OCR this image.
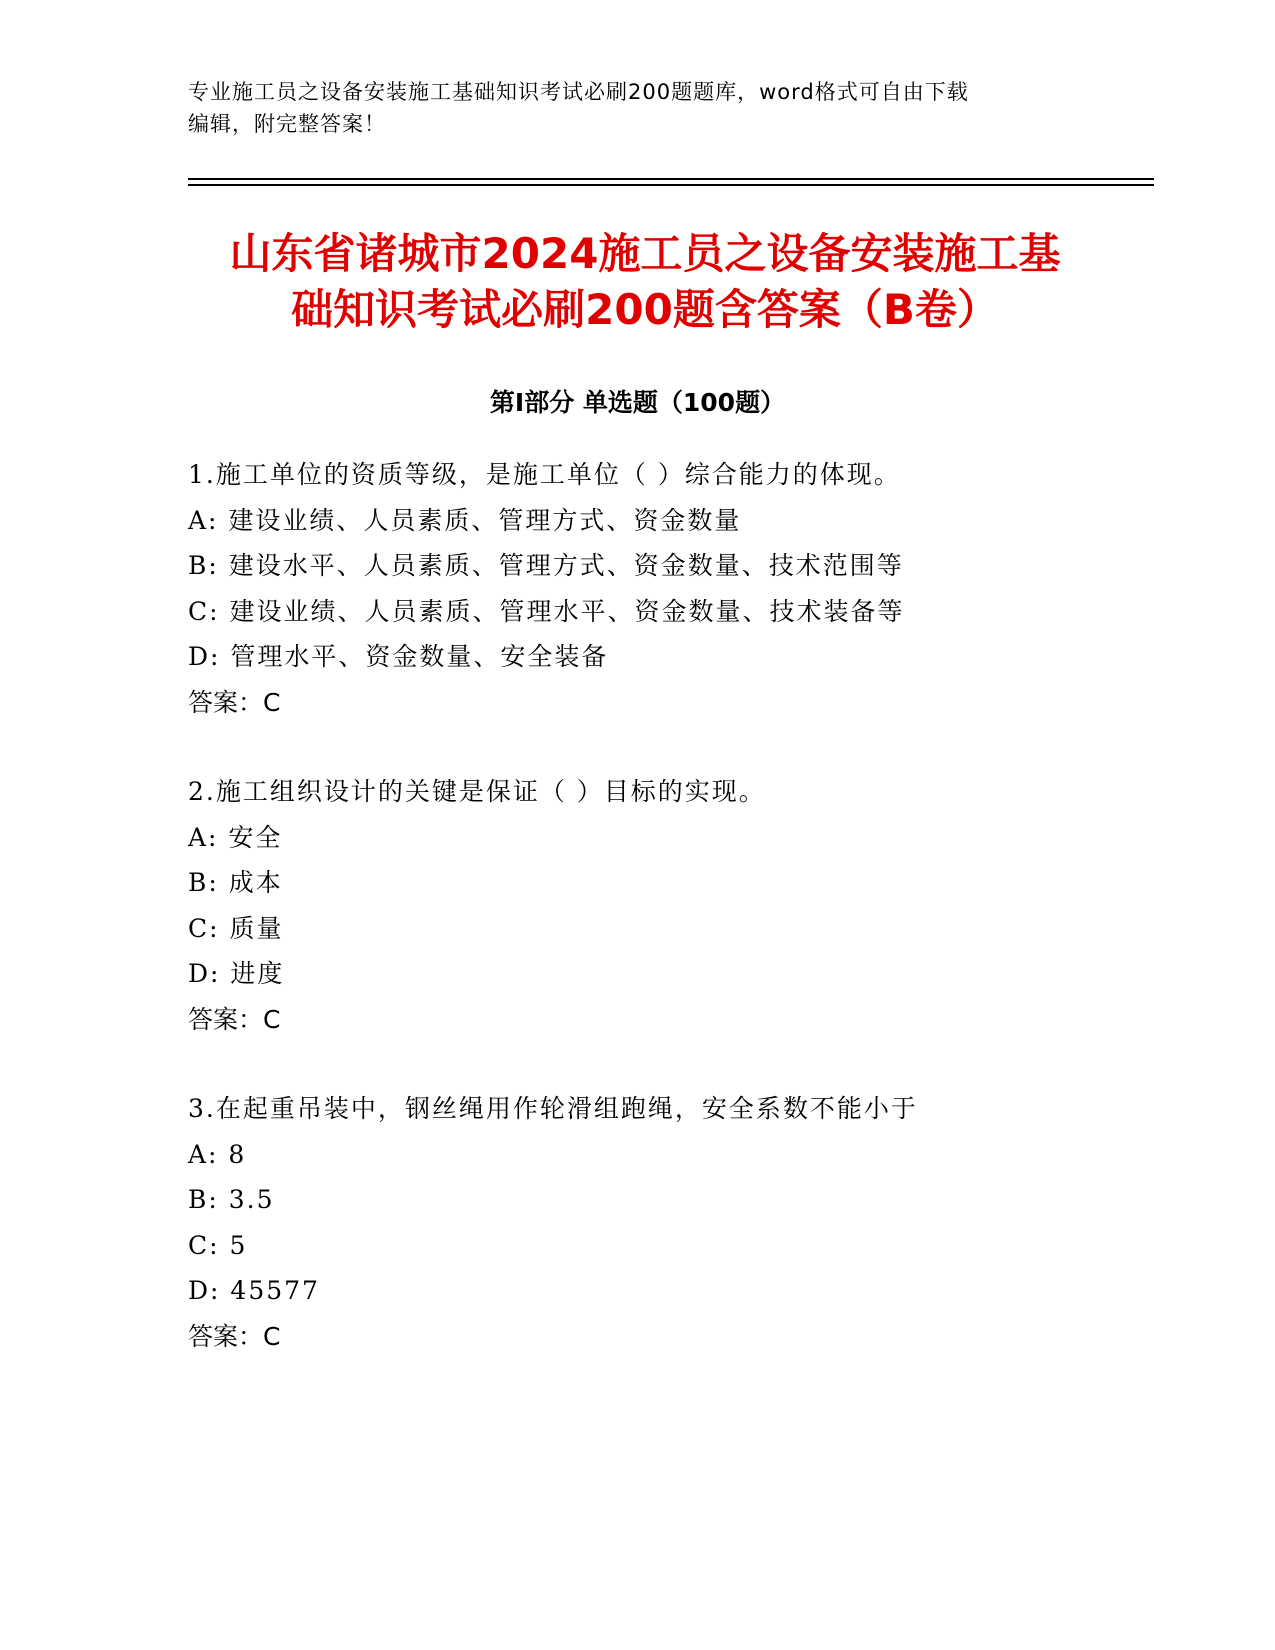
专业施工员之设备安装施工基础知识考试必刷200题题库，word格式可自由下载
编辑，附完整答案！
山东省诸城市2024施工员之设备安装施工基
础知识考试必刷200题含答案（B卷）
第Ⅰ部分 单选题（100题）
1.施工单位的资质等级，是施工单位（ ）综合能力的体现。
A: 建设业绩、人员素质、管理方式、资金数量
B: 建设水平、人员素质、管理方式、资金数量、技术范围等
C: 建设业绩、人员素质、管理水平、资金数量、技术装备等
D: 管理水平、资金数量、安全装备
答案：C
2.施工组织设计的关键是保证（ ）目标的实现。
A: 安全
B: 成本
C: 质量
D: 进度
答案：C
3.在起重吊装中，钢丝绳用作轮滑组跑绳，安全系数不能小于
A: 8
B: 3.5
C: 5
D: 45577
答案：C
